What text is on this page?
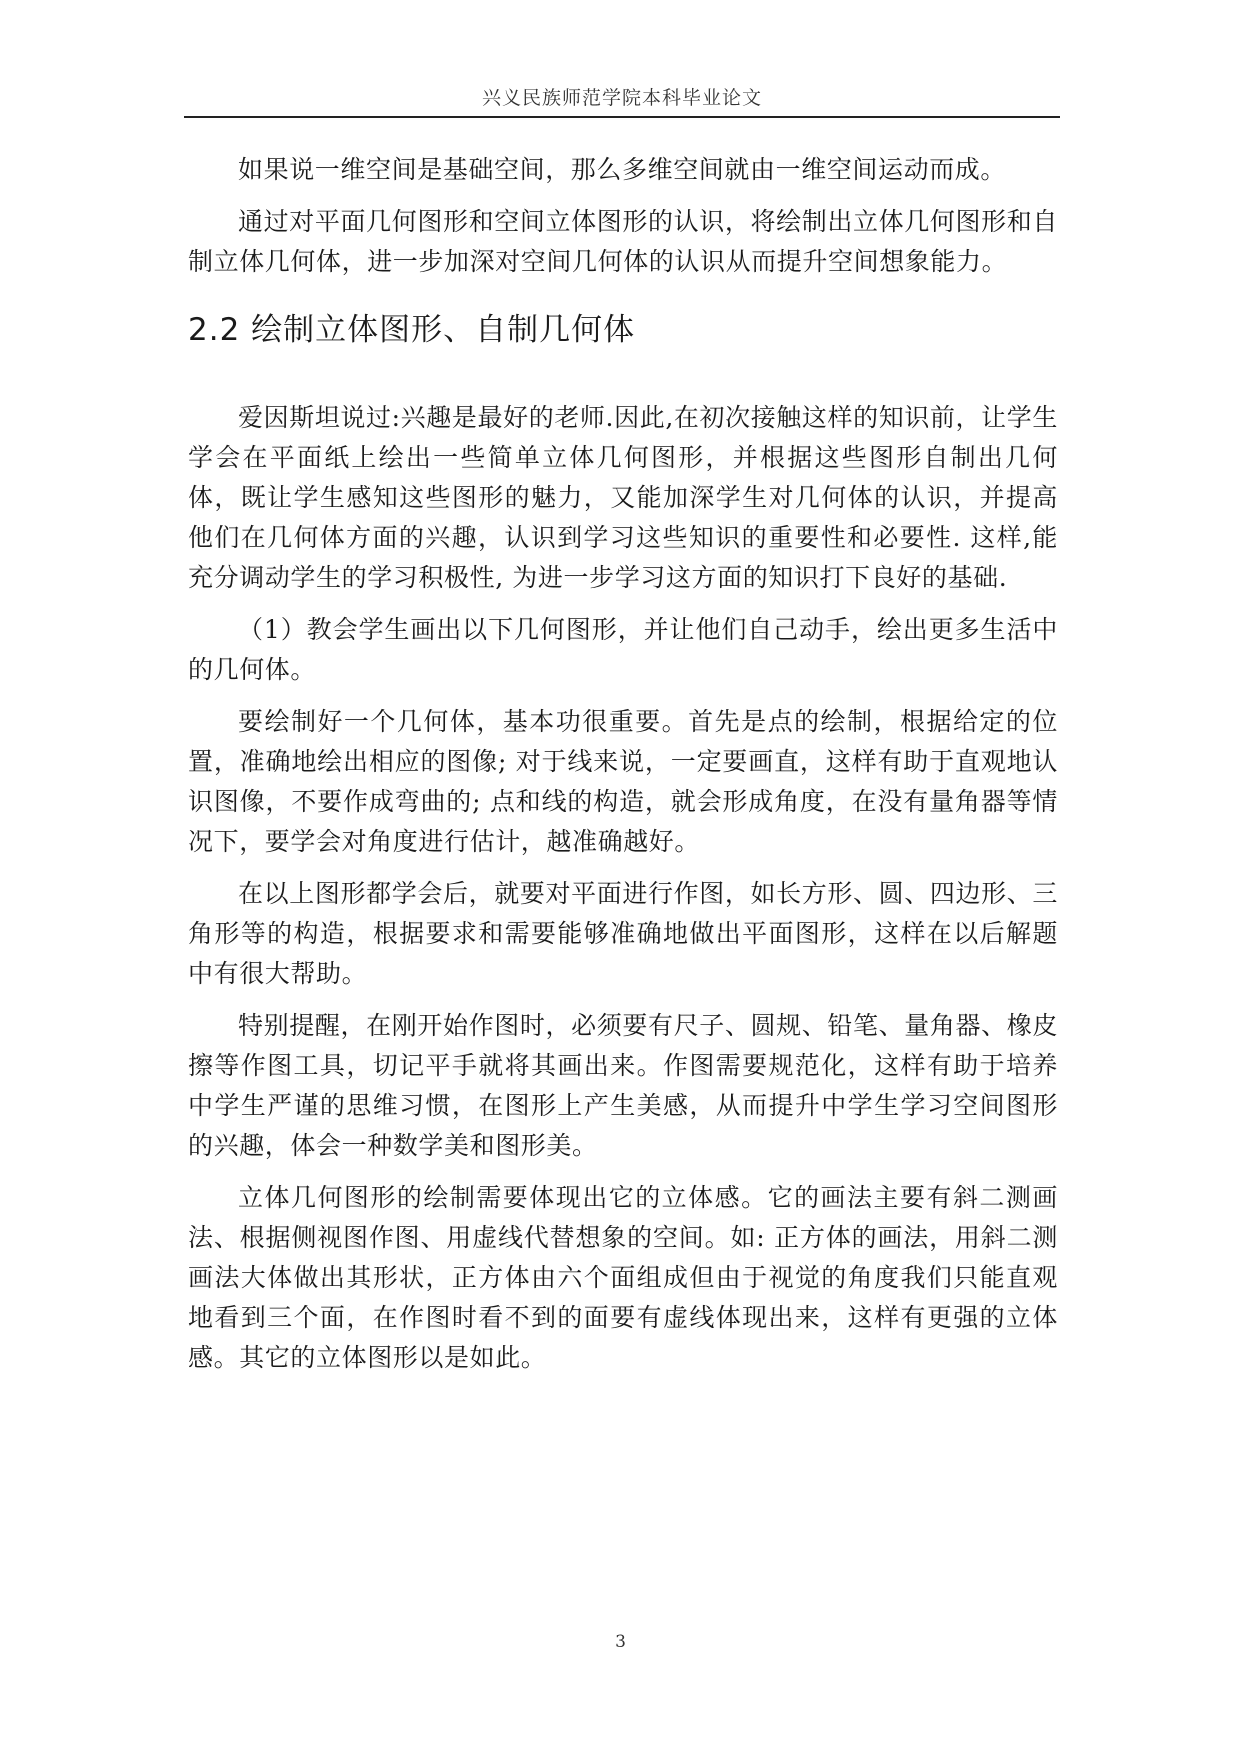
兴义民族师范学院本科毕业论文

如果说一维空间是基础空间，那么多维空间就由一维空间运动而成。

通过对平面几何图形和空间立体图形的认识，将绘制出立体几何图形和自制立体几何体，进一步加深对空间几何体的认识从而提升空间想象能力。

2.2 绘制立体图形、自制几何体

爱因斯坦说过:兴趣是最好的老师.因此,在初次接触这样的知识前，让学生学会在平面纸上绘出一些简单立体几何图形，并根据这些图形自制出几何体，既让学生感知这些图形的魅力，又能加深学生对几何体的认识，并提高他们在几何体方面的兴趣，认识到学习这些知识的重要性和必要性. 这样,能充分调动学生的学习积极性, 为进一步学习这方面的知识打下良好的基础.

（1）教会学生画出以下几何图形，并让他们自己动手，绘出更多生活中的几何体。

要绘制好一个几何体，基本功很重要。首先是点的绘制，根据给定的位置，准确地绘出相应的图像; 对于线来说，一定要画直，这样有助于直观地认识图像，不要作成弯曲的; 点和线的构造，就会形成角度，在没有量角器等情况下，要学会对角度进行估计，越准确越好。

在以上图形都学会后，就要对平面进行作图，如长方形、圆、四边形、三角形等的构造，根据要求和需要能够准确地做出平面图形，这样在以后解题中有很大帮助。

特别提醒，在刚开始作图时，必须要有尺子、圆规、铅笔、量角器、橡皮擦等作图工具，切记平手就将其画出来。作图需要规范化，这样有助于培养中学生严谨的思维习惯，在图形上产生美感，从而提升中学生学习空间图形的兴趣，体会一种数学美和图形美。

立体几何图形的绘制需要体现出它的立体感。它的画法主要有斜二测画法、根据侧视图作图、用虚线代替想象的空间。如: 正方体的画法，用斜二测画法大体做出其形状，正方体由六个面组成但由于视觉的角度我们只能直观地看到三个面，在作图时看不到的面要有虚线体现出来，这样有更强的立体感。其它的立体图形以是如此。

3
